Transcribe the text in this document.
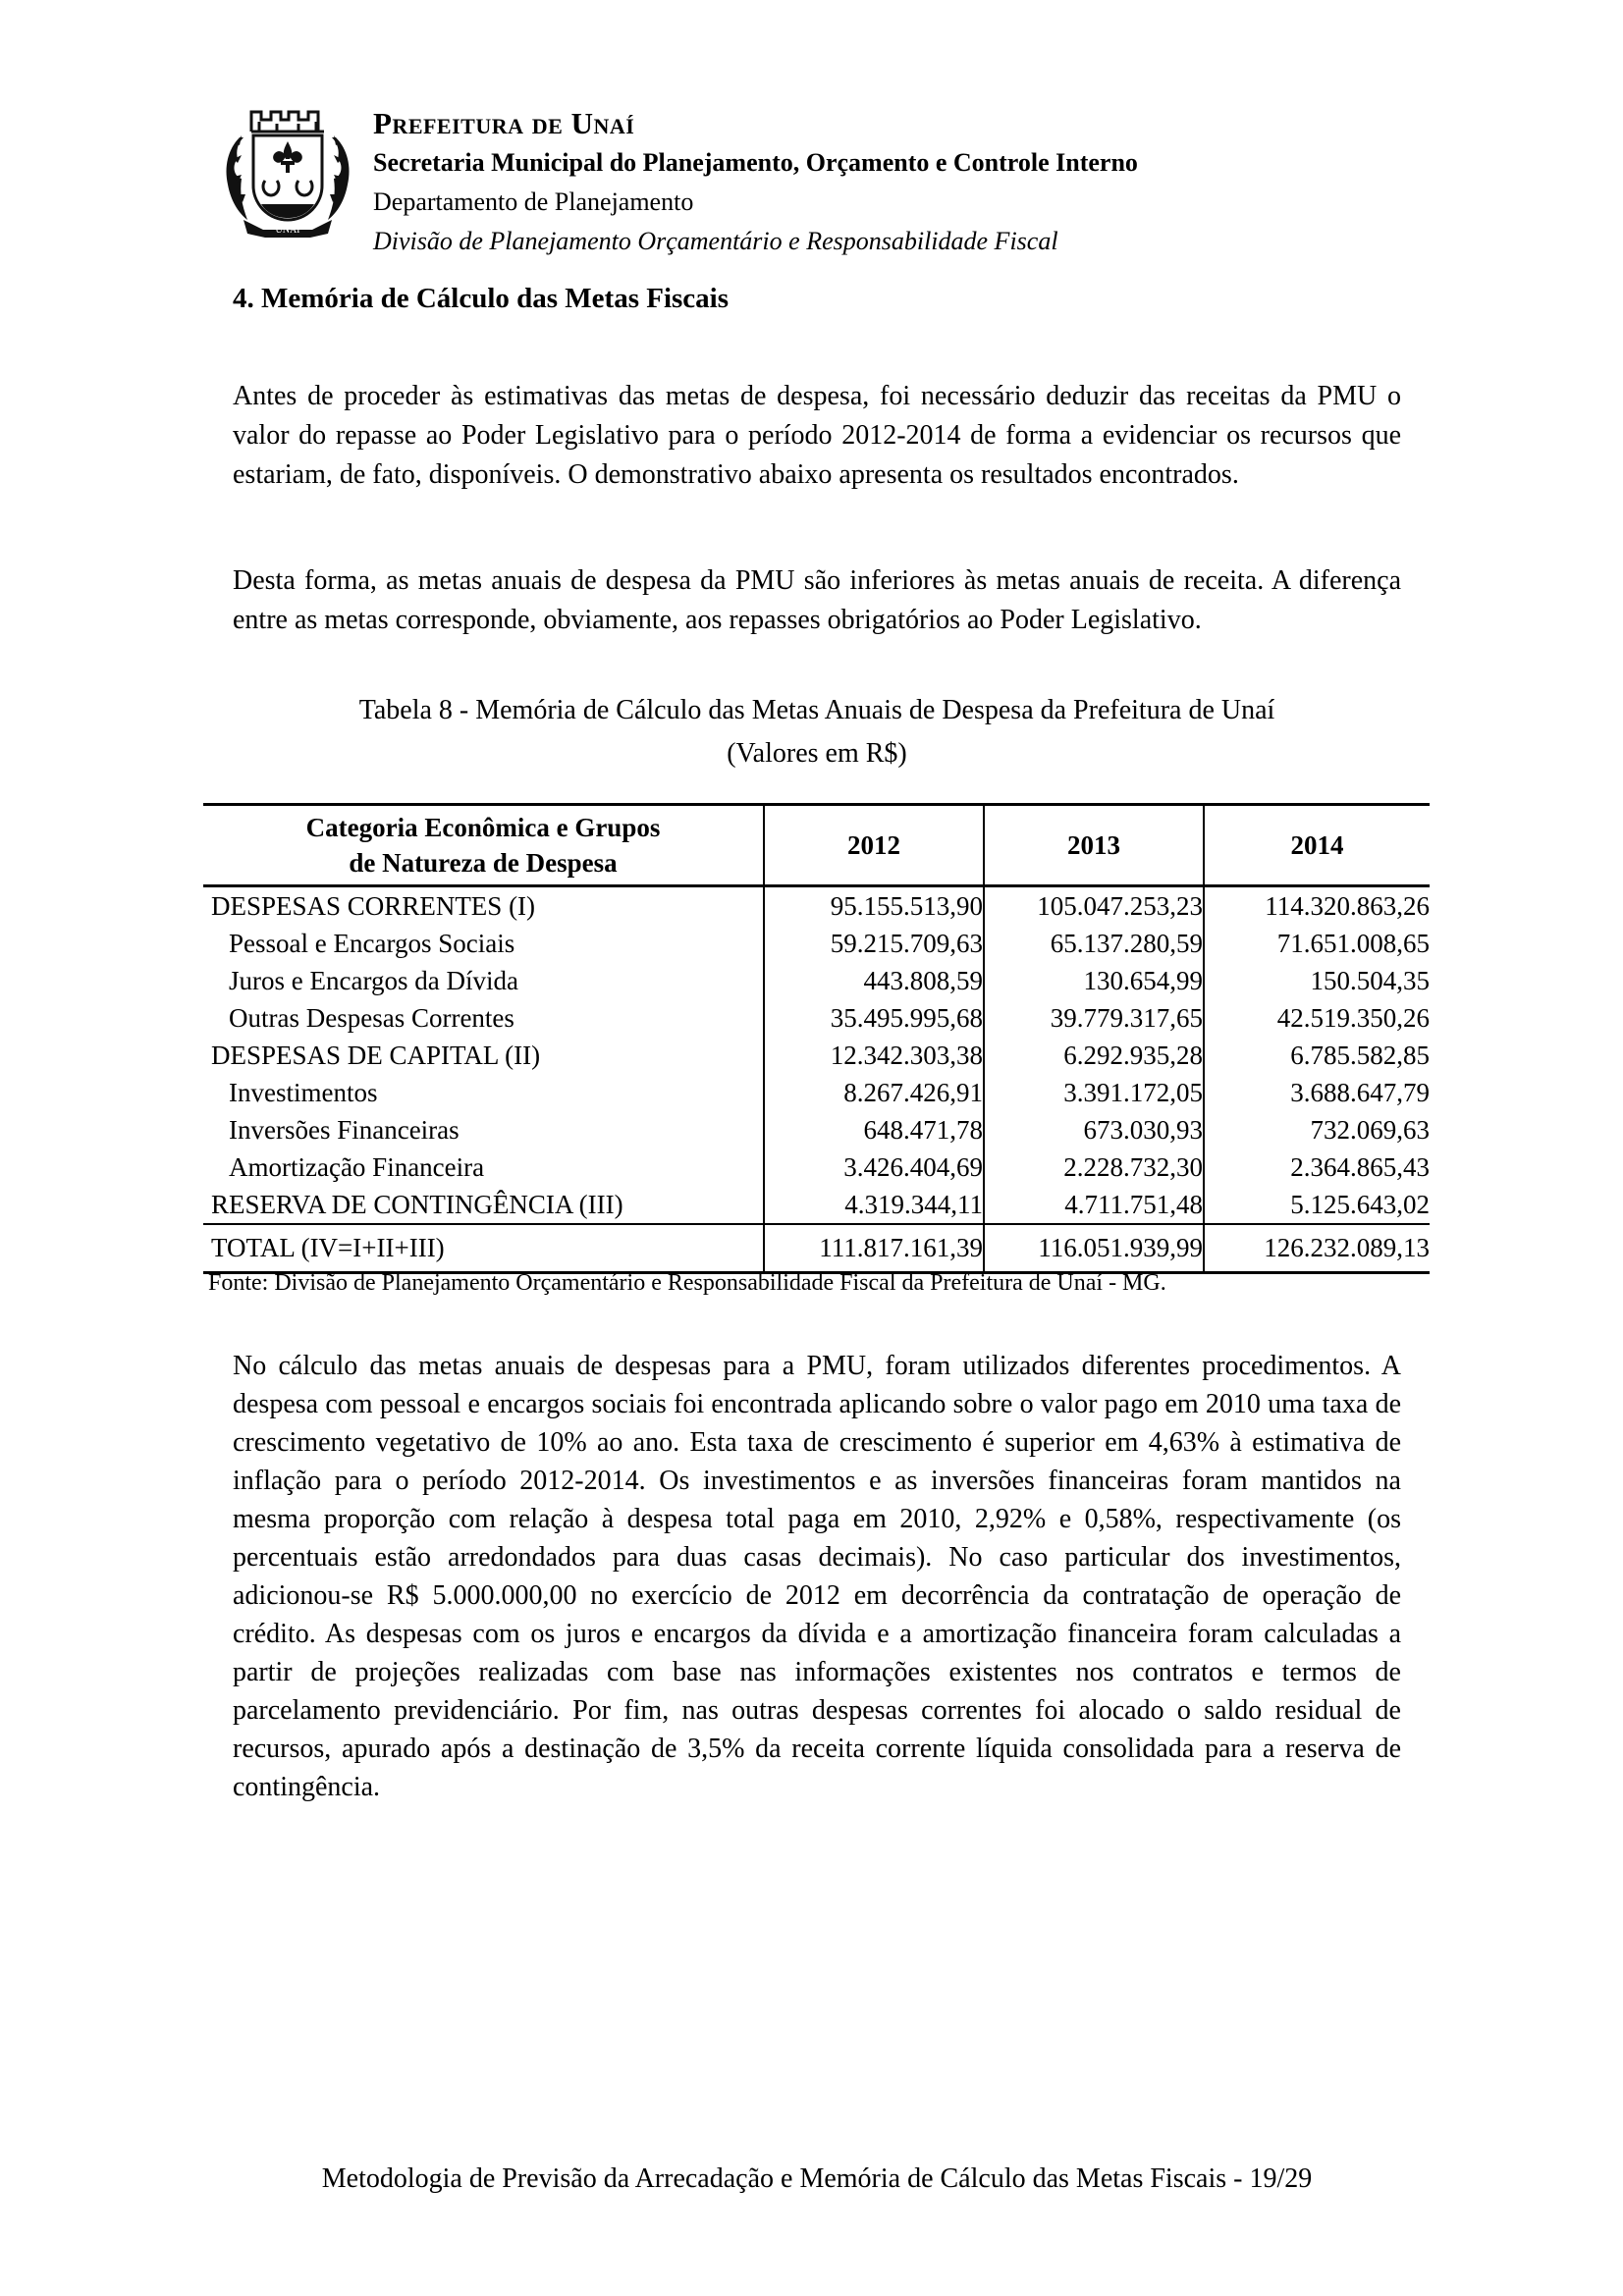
UNAÍ
Prefeitura de Unaí
Secretaria Municipal do Planejamento, Orçamento e Controle Interno
Departamento de Planejamento
Divisão de Planejamento Orçamentário e Responsabilidade Fiscal
4. Memória de Cálculo das Metas Fiscais

Antes de proceder às estimativas das metas de despesa, foi necessário deduzir das receitas da PMU o valor do repasse ao Poder Legislativo para o período 2012-2014 de forma a evidenciar os recursos que estariam, de fato, disponíveis. O demonstrativo abaixo apresenta os resultados encontrados.

Desta forma, as metas anuais de despesa da PMU são inferiores às metas anuais de receita. A diferença entre as metas corresponde, obviamente, aos repasses obrigatórios ao Poder Legislativo.

Tabela 8 - Memória de Cálculo das Metas Anuais de Despesa da Prefeitura de Unaí
(Valores em R$)
Categoria Econômica e Grupos
de Natureza de Despesa	2012	2013	2014
DESPESAS CORRENTES (I)	95.155.513,90	105.047.253,23	114.320.863,26
Pessoal e Encargos Sociais	59.215.709,63	65.137.280,59	71.651.008,65
Juros e Encargos da Dívida	443.808,59	130.654,99	150.504,35
Outras Despesas Correntes	35.495.995,68	39.779.317,65	42.519.350,26
DESPESAS DE CAPITAL (II)	12.342.303,38	6.292.935,28	6.785.582,85
Investimentos	8.267.426,91	3.391.172,05	3.688.647,79
Inversões Financeiras	648.471,78	673.030,93	732.069,63
Amortização Financeira	3.426.404,69	2.228.732,30	2.364.865,43
RESERVA DE CONTINGÊNCIA (III)	4.319.344,11	4.711.751,48	5.125.643,02
TOTAL (IV=I+II+III)	111.817.161,39	116.051.939,99	126.232.089,13
Fonte: Divisão de Planejamento Orçamentário e Responsabilidade Fiscal da Prefeitura de Unaí - MG.

No cálculo das metas anuais de despesas para a PMU, foram utilizados diferentes procedimentos. A despesa com pessoal e encargos sociais foi encontrada aplicando sobre o valor pago em 2010 uma taxa de crescimento vegetativo de 10% ao ano. Esta taxa de crescimento é superior em 4,63% à estimativa de inflação para o período 2012-2014. Os investimentos e as inversões financeiras foram mantidos na mesma proporção com relação à despesa total paga em 2010, 2,92% e 0,58%, respectivamente (os percentuais estão arredondados para duas casas decimais). No caso particular dos investimentos, adicionou-se R$ 5.000.000,00 no exercício de 2012 em decorrência da contratação de operação de crédito. As despesas com os juros e encargos da dívida e a amortização financeira foram calculadas a partir de projeções realizadas com base nas informações existentes nos contratos e termos de parcelamento previdenciário. Por fim, nas outras despesas correntes foi alocado o saldo residual de recursos, apurado após a destinação de 3,5% da receita corrente líquida consolidada para a reserva de contingência.

Metodologia de Previsão da Arrecadação e Memória de Cálculo das Metas Fiscais - 19/29
